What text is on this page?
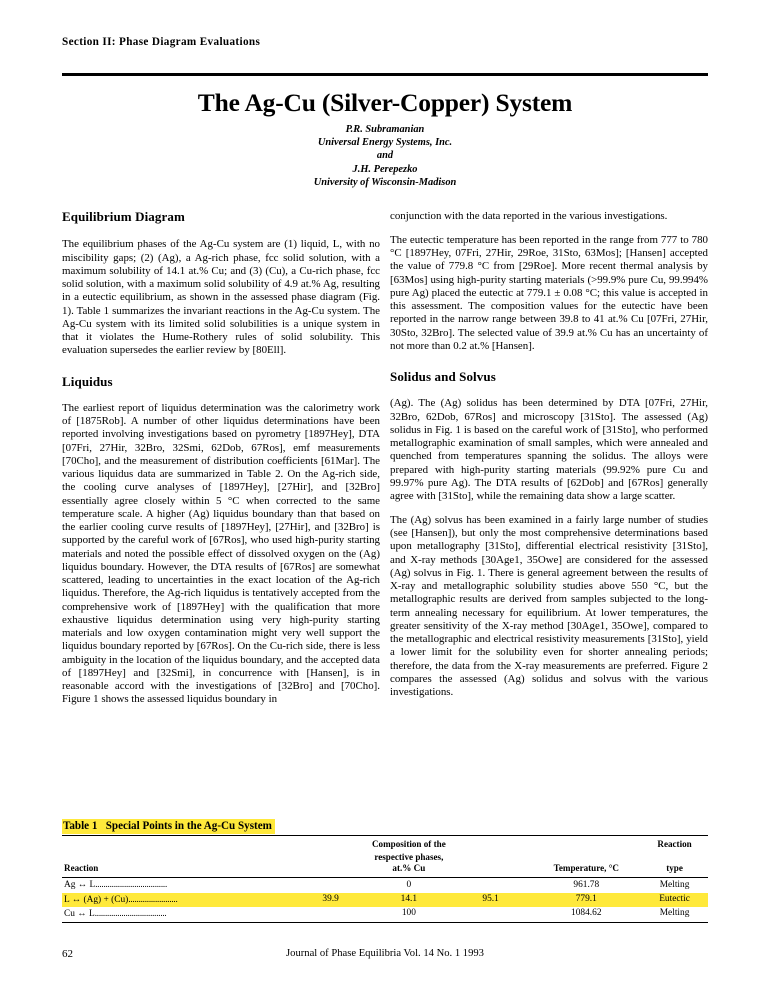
Section II: Phase Diagram Evaluations
The Ag-Cu (Silver-Copper) System
P.R. Subramanian
Universal Energy Systems, Inc.
and
J.H. Perepezko
University of Wisconsin-Madison
Equilibrium Diagram

The equilibrium phases of the Ag-Cu system are (1) liquid, L, with no miscibility gaps; (2) (Ag), a Ag-rich phase, fcc solid solution, with a maximum solubility of 14.1 at.% Cu; and (3) (Cu), a Cu-rich phase, fcc solid solution, with a maximum solid solubility of 4.9 at.% Ag, resulting in a eutectic equilibrium, as shown in the assessed phase diagram (Fig. 1). Table 1 summarizes the invariant reactions in the Ag-Cu system. The Ag-Cu system with its limited solid solubilities is a unique system in that it violates the Hume-Rothery rules of solid solubility. This evaluation supersedes the earlier review by [80Ell].

Liquidus

The earliest report of liquidus determination was the calorimetry work of [1875Rob]. A number of other liquidus determinations have been reported involving investigations based on pyrometry [1897Hey], DTA [07Fri, 27Hir, 32Bro, 32Smi, 62Dob, 67Ros], emf measurements [70Cho], and the measurement of distribution coefficients [61Mar]. The various liquidus data are summarized in Table 2. On the Ag-rich side, the cooling curve analyses of [1897Hey], [27Hir], and [32Bro] essentially agree closely within 5 °C when corrected to the same temperature scale. A higher (Ag) liquidus boundary than that based on the earlier cooling curve results of [1897Hey], [27Hir], and [32Bro] is supported by the careful work of [67Ros], who used high-purity starting materials and noted the possible effect of dissolved oxygen on the (Ag) liquidus boundary. However, the DTA results of [67Ros] are somewhat scattered, leading to uncertainties in the exact location of the Ag-rich liquidus. Therefore, the Ag-rich liquidus is tentatively accepted from the comprehensive work of [1897Hey] with the qualification that more exhaustive liquidus determination using very high-purity starting materials and low oxygen contamination might very well support the liquidus boundary reported by [67Ros]. On the Cu-rich side, there is less ambiguity in the location of the liquidus boundary, and the accepted data of [1897Hey] and [32Smi], in concurrence with [Hansen], is in reasonable accord with the investigations of [32Bro] and [70Cho]. Figure 1 shows the assessed liquidus boundary in

conjunction with the data reported in the various investigations.

The eutectic temperature has been reported in the range from 777 to 780 °C [1897Hey, 07Fri, 27Hir, 29Roe, 31Sto, 63Mos]; [Hansen] accepted the value of 779.8 °C from [29Roe]. More recent thermal analysis by [63Mos] using high-purity starting materials (>99.9% pure Cu, 99.994% pure Ag) placed the eutectic at 779.1 ± 0.08 °C; this value is accepted in this assessment. The composition values for the eutectic have been reported in the narrow range between 39.8 to 41 at.% Cu [07Fri, 27Hir, 30Sto, 32Bro]. The selected value of 39.9 at.% Cu has an uncertainty of not more than 0.2 at.% [Hansen].

Solidus and Solvus

(Ag). The (Ag) solidus has been determined by DTA [07Fri, 27Hir, 32Bro, 62Dob, 67Ros] and microscopy [31Sto]. The assessed (Ag) solidus in Fig. 1 is based on the careful work of [31Sto], who performed metallographic examination of small samples, which were annealed and quenched from temperatures spanning the solidus. The alloys were prepared with high-purity starting materials (99.92% pure Cu and 99.97% pure Ag). The DTA results of [62Dob] and [67Ros] generally agree with [31Sto], while the remaining data show a large scatter.

The (Ag) solvus has been examined in a fairly large number of studies (see [Hansen]), but only the most comprehensive determinations based upon metallography [31Sto], differential electrical resistivity [31Sto], and X-ray methods [30Age1, 35Owe] are considered for the assessed (Ag) solvus in Fig. 1. There is general agreement between the results of X-ray and metallographic solubility studies above 550 °C, but the metallographic results are derived from samples subjected to the long-term annealing necessary for equilibrium. At lower temperatures, the greater sensitivity of the X-ray method [30Age1, 35Owe], compared to the metallographic and electrical resistivity measurements [31Sto], yield a lower limit for the solubility even for shorter annealing periods; therefore, the data from the X-ray measurements are preferred. Figure 2 compares the assessed (Ag) solidus and solvus with the various investigations.

Table 1 Special Points in the Ag-Cu System
		Composition of the			Reaction
Reaction		respective phases, at.% Cu		Temperature, °C	type
Ag ↔ L...................................		0		961.78	Melting
L ↔ (Ag) + (Cu)........................	39.9	14.1	95.1	779.1	Eutectic
Cu ↔ L...................................		100		1084.62	Melting
62	Journal of Phase Equilibria Vol. 14 No. 1 1993
